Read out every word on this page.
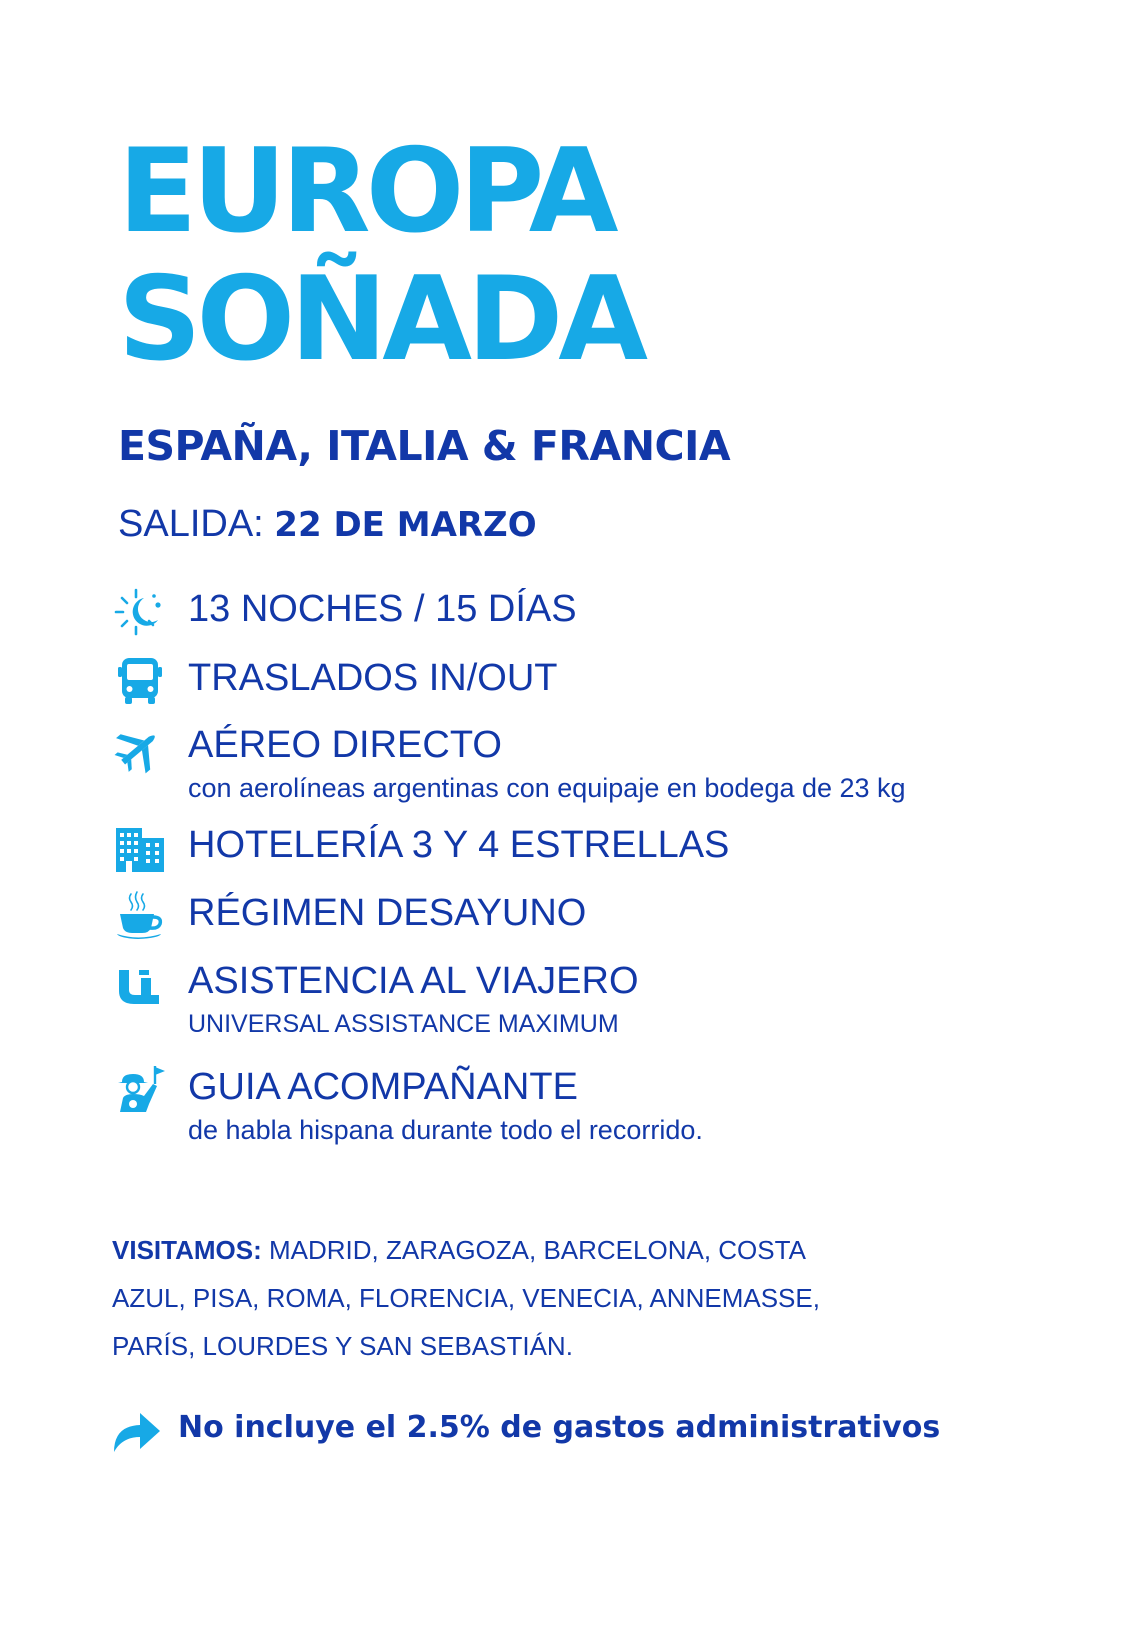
EUROPA
SOÑADA
ESPAÑA, ITALIA & FRANCIA
SALIDA: 22 DE MARZO
13 NOCHES / 15 DÍAS
TRASLADOS IN/OUT
AÉREO DIRECTO
con aerolíneas argentinas con equipaje en bodega de 23 kg
HOTELERÍA 3 Y 4 ESTRELLAS
RÉGIMEN DESAYUNO
ASISTENCIA AL VIAJERO
UNIVERSAL ASSISTANCE MAXIMUM
GUIA ACOMPAÑANTE
de habla hispana durante todo el recorrido.
VISITAMOS: MADRID, ZARAGOZA, BARCELONA, COSTA AZUL, PISA, ROMA, FLORENCIA, VENECIA, ANNEMASSE, PARÍS, LOURDES Y SAN SEBASTIÁN.
No incluye el 2.5% de gastos administrativos
